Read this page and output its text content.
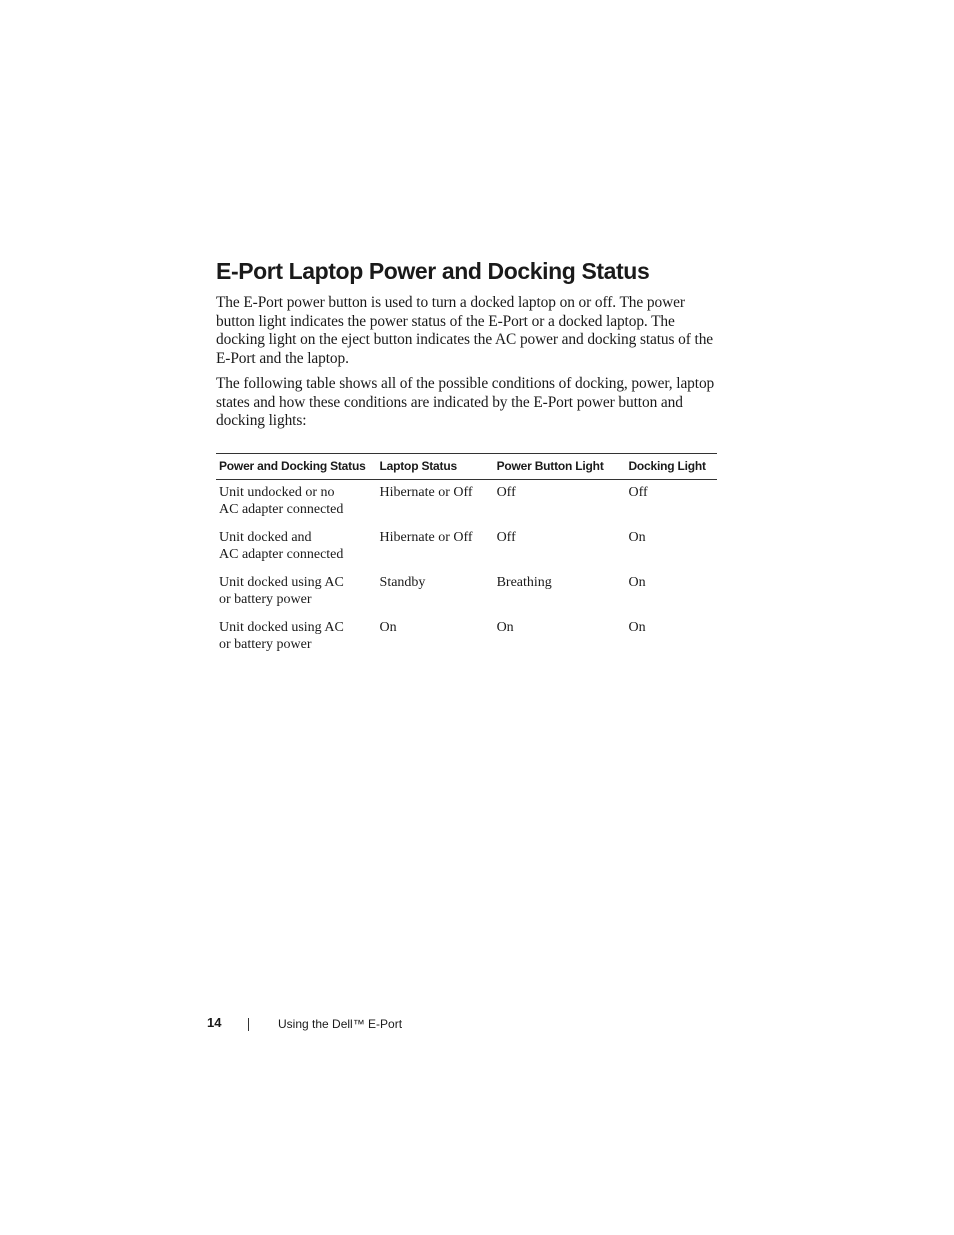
E-Port Laptop Power and Docking Status

The E-Port power button is used to turn a docked laptop on or off. The power button light indicates the power status of the E-Port or a docked laptop. The docking light on the eject button indicates the AC power and docking status of the E-Port and the laptop.

The following table shows all of the possible conditions of docking, power, laptop states and how these conditions are indicated by the E-Port power button and docking lights:

Power and Docking Status	Laptop Status	Power Button Light	Docking Light

Unit undocked or no
AC adapter connected	Hibernate or Off	Off	Off

Unit docked and
AC adapter connected	Hibernate or Off	Off	On

Unit docked using AC
or battery power	Standby	Breathing	On

Unit docked using AC
or battery power	On	On	On
14	Using the Dell™ E-Port
